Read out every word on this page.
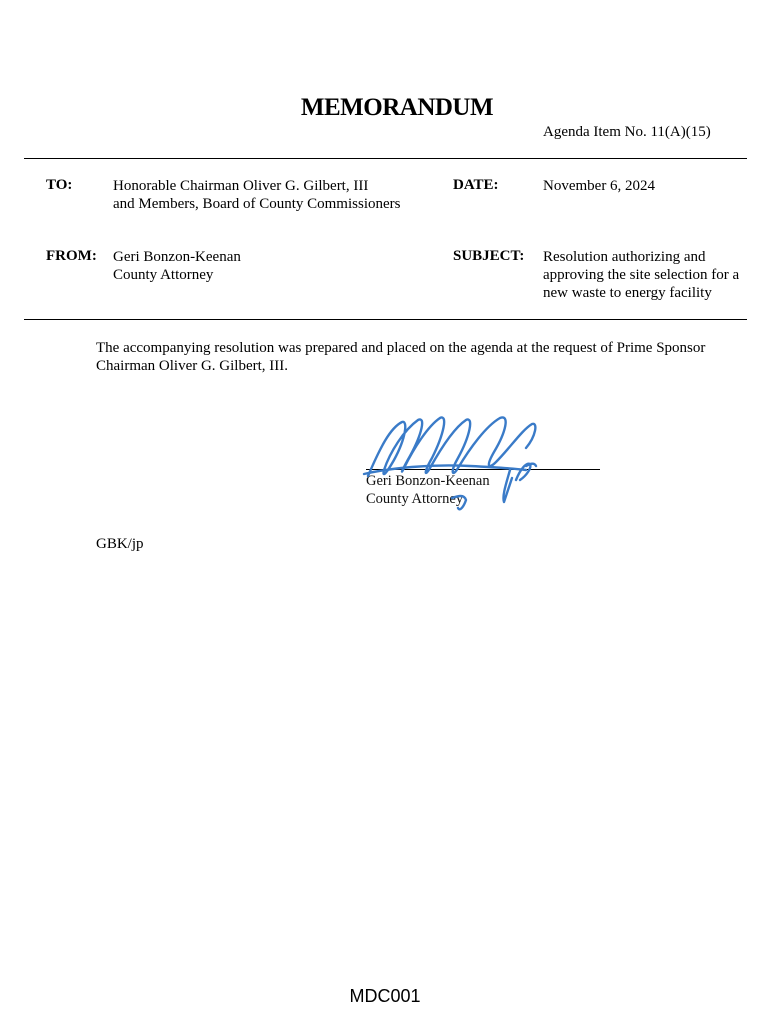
MEMORANDUM
Agenda Item No. 11(A)(15)
TO:	Honorable Chairman Oliver G. Gilbert, III
and Members, Board of County Commissioners
DATE:	November 6, 2024
FROM: Geri Bonzon-Keenan
County Attorney
SUBJECT: Resolution authorizing and
approving the site selection for a
new waste to energy facility
The accompanying resolution was prepared and placed on the agenda at the request of Prime Sponsor
Chairman Oliver G. Gilbert, III.
Geri Bonzon-Keenan
County Attorney
GBK/jp
MDC001
